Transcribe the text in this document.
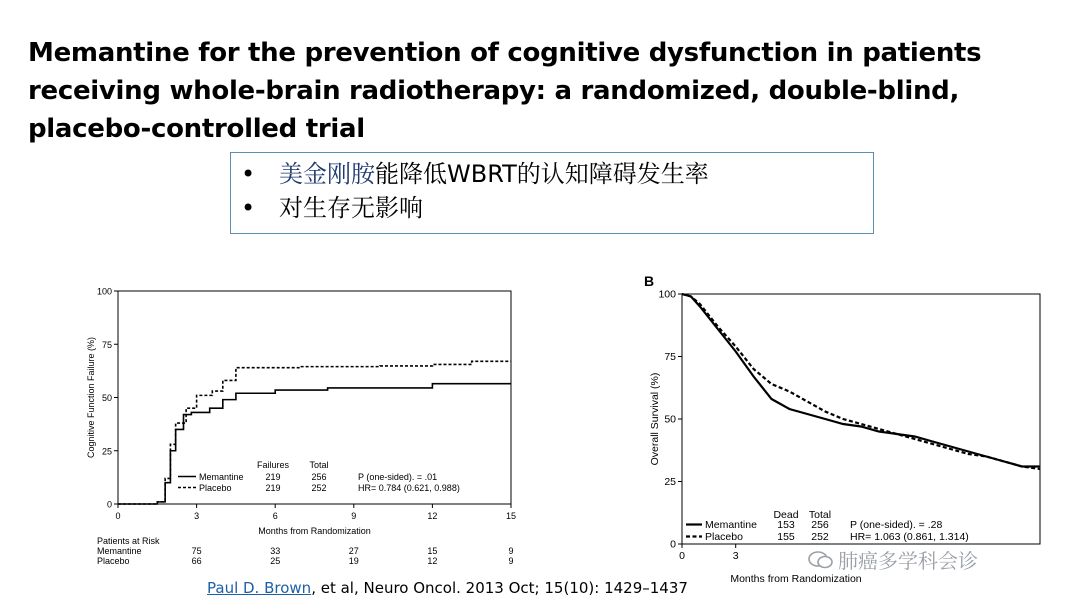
Memantine for the prevention of cognitive dysfunction in patients receiving whole-brain radiotherapy: a randomized, double-blind, placebo-controlled trial
• 美金刚胺能降低WBRT的认知障碍发生率
• 对生存无影响
0
25
50
75
100
0	3	6	9	12	15
Months from Randomization
Cognitive Function Failure (%)
Failures Total
Memantine 219	256	P (one-sided). = .01
Placebo	219	252	HR= 0.784 (0.621, 0.988)
Patients at Risk
Memantine	75	33	27	15	9
Placebo	66	25	19	12	9
0
25
50
75
100
0	3
Months from Randomization
Overall Survival (%)
B
Dead Total
Memantine 153 256 P (one-sided). = .28
Placebo	155 252 HR= 1.063 (0.861, 1.314)
Paul D. Brown, et al, Neuro Oncol. 2013 Oct; 15(10): 1429–1437
肺癌多学科会诊
